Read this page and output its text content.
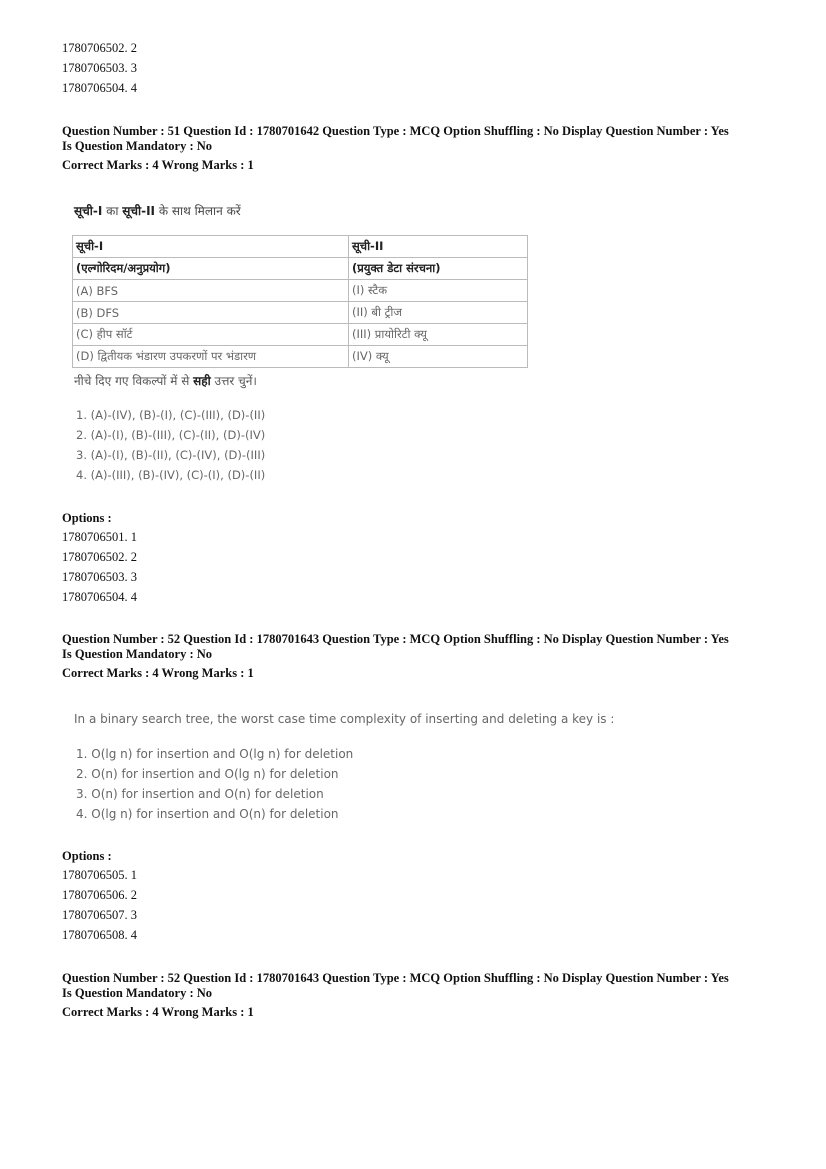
1780706502. 2
1780706503. 3
1780706504. 4
Question Number : 51 Question Id : 1780701642 Question Type : MCQ Option Shuffling : No Display Question Number : Yes
Is Question Mandatory : No
Correct Marks : 4 Wrong Marks : 1
सूची-I का सूची-II के साथ मिलान करें
सूची-I	सूची-II
(एल्गोरिदम/अनुप्रयोग)	(प्रयुक्त डेटा संरचना)
(A) BFS	(I) स्टैक
(B) DFS	(II) बी ट्रीज
(C) हीप सॉर्ट	(III) प्रायोरिटी क्यू
(D) द्वितीयक भंडारण उपकरणों पर भंडारण	(IV) क्यू
नीचे दिए गए विकल्पों में से सही उत्तर चुनें।
1. (A)-(IV), (B)-(I), (C)-(III), (D)-(II)
2. (A)-(I), (B)-(III), (C)-(II), (D)-(IV)
3. (A)-(I), (B)-(II), (C)-(IV), (D)-(III)
4. (A)-(III), (B)-(IV), (C)-(I), (D)-(II)
Options :
1780706501. 1
1780706502. 2
1780706503. 3
1780706504. 4
Question Number : 52 Question Id : 1780701643 Question Type : MCQ Option Shuffling : No Display Question Number : Yes
Is Question Mandatory : No
Correct Marks : 4 Wrong Marks : 1
In a binary search tree, the worst case time complexity of inserting and deleting a key is :
1. O(lg n) for insertion and O(lg n) for deletion
2. O(n) for insertion and O(lg n) for deletion
3. O(n) for insertion and O(n) for deletion
4. O(lg n) for insertion and O(n) for deletion
Options :
1780706505. 1
1780706506. 2
1780706507. 3
1780706508. 4
Question Number : 52 Question Id : 1780701643 Question Type : MCQ Option Shuffling : No Display Question Number : Yes
Is Question Mandatory : No
Correct Marks : 4 Wrong Marks : 1
